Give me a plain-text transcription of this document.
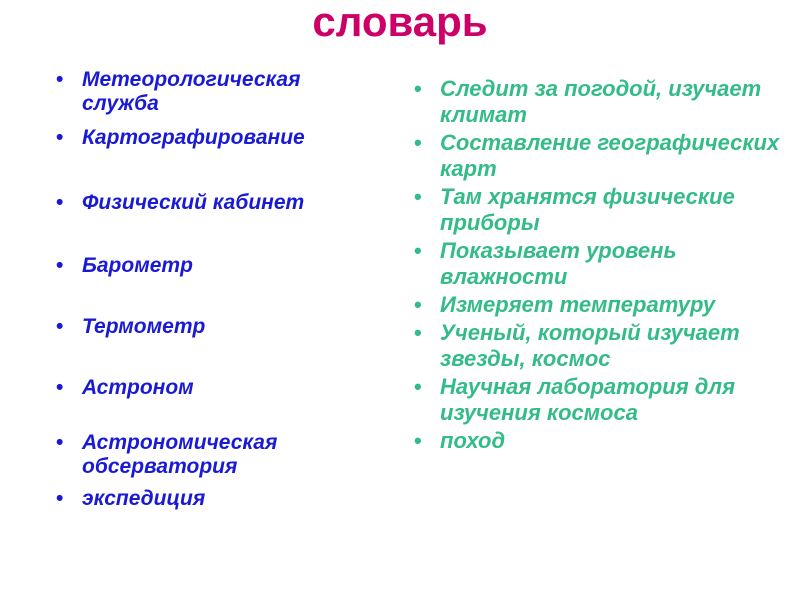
словарь
• Метеорологическая служба
• Картографирование
• Физический кабинет
• Барометр
• Термометр
• Астроном
• Астрономическая обсерватория
• экспедиция
• Следит за погодой, изучает климат
• Составление географических карт
• Там хранятся физические приборы
• Показывает уровень влажности
• Измеряет температуру
• Ученый, который изучает звезды, космос
• Научная лаборатория для изучения космоса
• поход
